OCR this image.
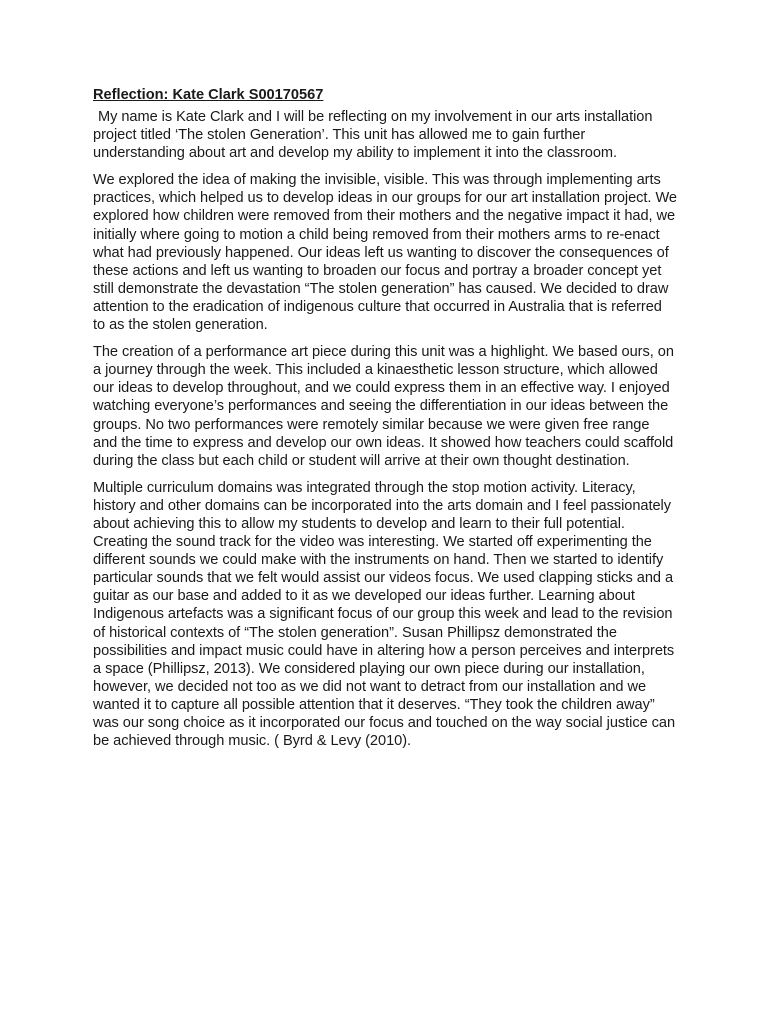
Reflection: Kate Clark S00170567

My name is Kate Clark and I will be reflecting on my involvement in our arts installation project titled ‘The stolen Generation’. This unit has allowed me to gain further understanding about art and develop my ability to implement it into the classroom.

We explored the idea of making the invisible, visible. This was through implementing arts practices, which helped us to develop ideas in our groups for our art installation project. We explored how children were removed from their mothers and the negative impact it had, we initially where going to motion a child being removed from their mothers arms to re-enact what had previously happened. Our ideas left us wanting to discover the consequences of these actions and left us wanting to broaden our focus and portray a broader concept yet still demonstrate the devastation “The stolen generation” has caused. We decided to draw attention to the eradication of indigenous culture that occurred in Australia that is referred to as the stolen generation.

The creation of a performance art piece during this unit was a highlight. We based ours, on a journey through the week. This included a kinaesthetic lesson structure, which allowed our ideas to develop throughout, and we could express them in an effective way. I enjoyed watching everyone’s performances and seeing the differentiation in our ideas between the groups. No two performances were remotely similar because we were given free range and the time to express and develop our own ideas. It showed how teachers could scaffold during the class but each child or student will arrive at their own thought destination.

Multiple curriculum domains was integrated through the stop motion activity. Literacy, history and other domains can be incorporated into the arts domain and I feel passionately about achieving this to allow my students to develop and learn to their full potential. Creating the sound track for the video was interesting. We started off experimenting the different sounds we could make with the instruments on hand. Then we started to identify particular sounds that we felt would assist our videos focus. We used clapping sticks and a guitar as our base and added to it as we developed our ideas further. Learning about Indigenous artefacts was a significant focus of our group this week and lead to the revision of historical contexts of “The stolen generation”. Susan Phillipsz demonstrated the possibilities and impact music could have in altering how a person perceives and interprets a space (Phillipsz, 2013). We considered playing our own piece during our installation, however, we decided not too as we did not want to detract from our installation and we wanted it to capture all possible attention that it deserves. “They took the children away” was our song choice as it incorporated our focus and touched on the way social justice can be achieved through music. ( Byrd & Levy (2010).
